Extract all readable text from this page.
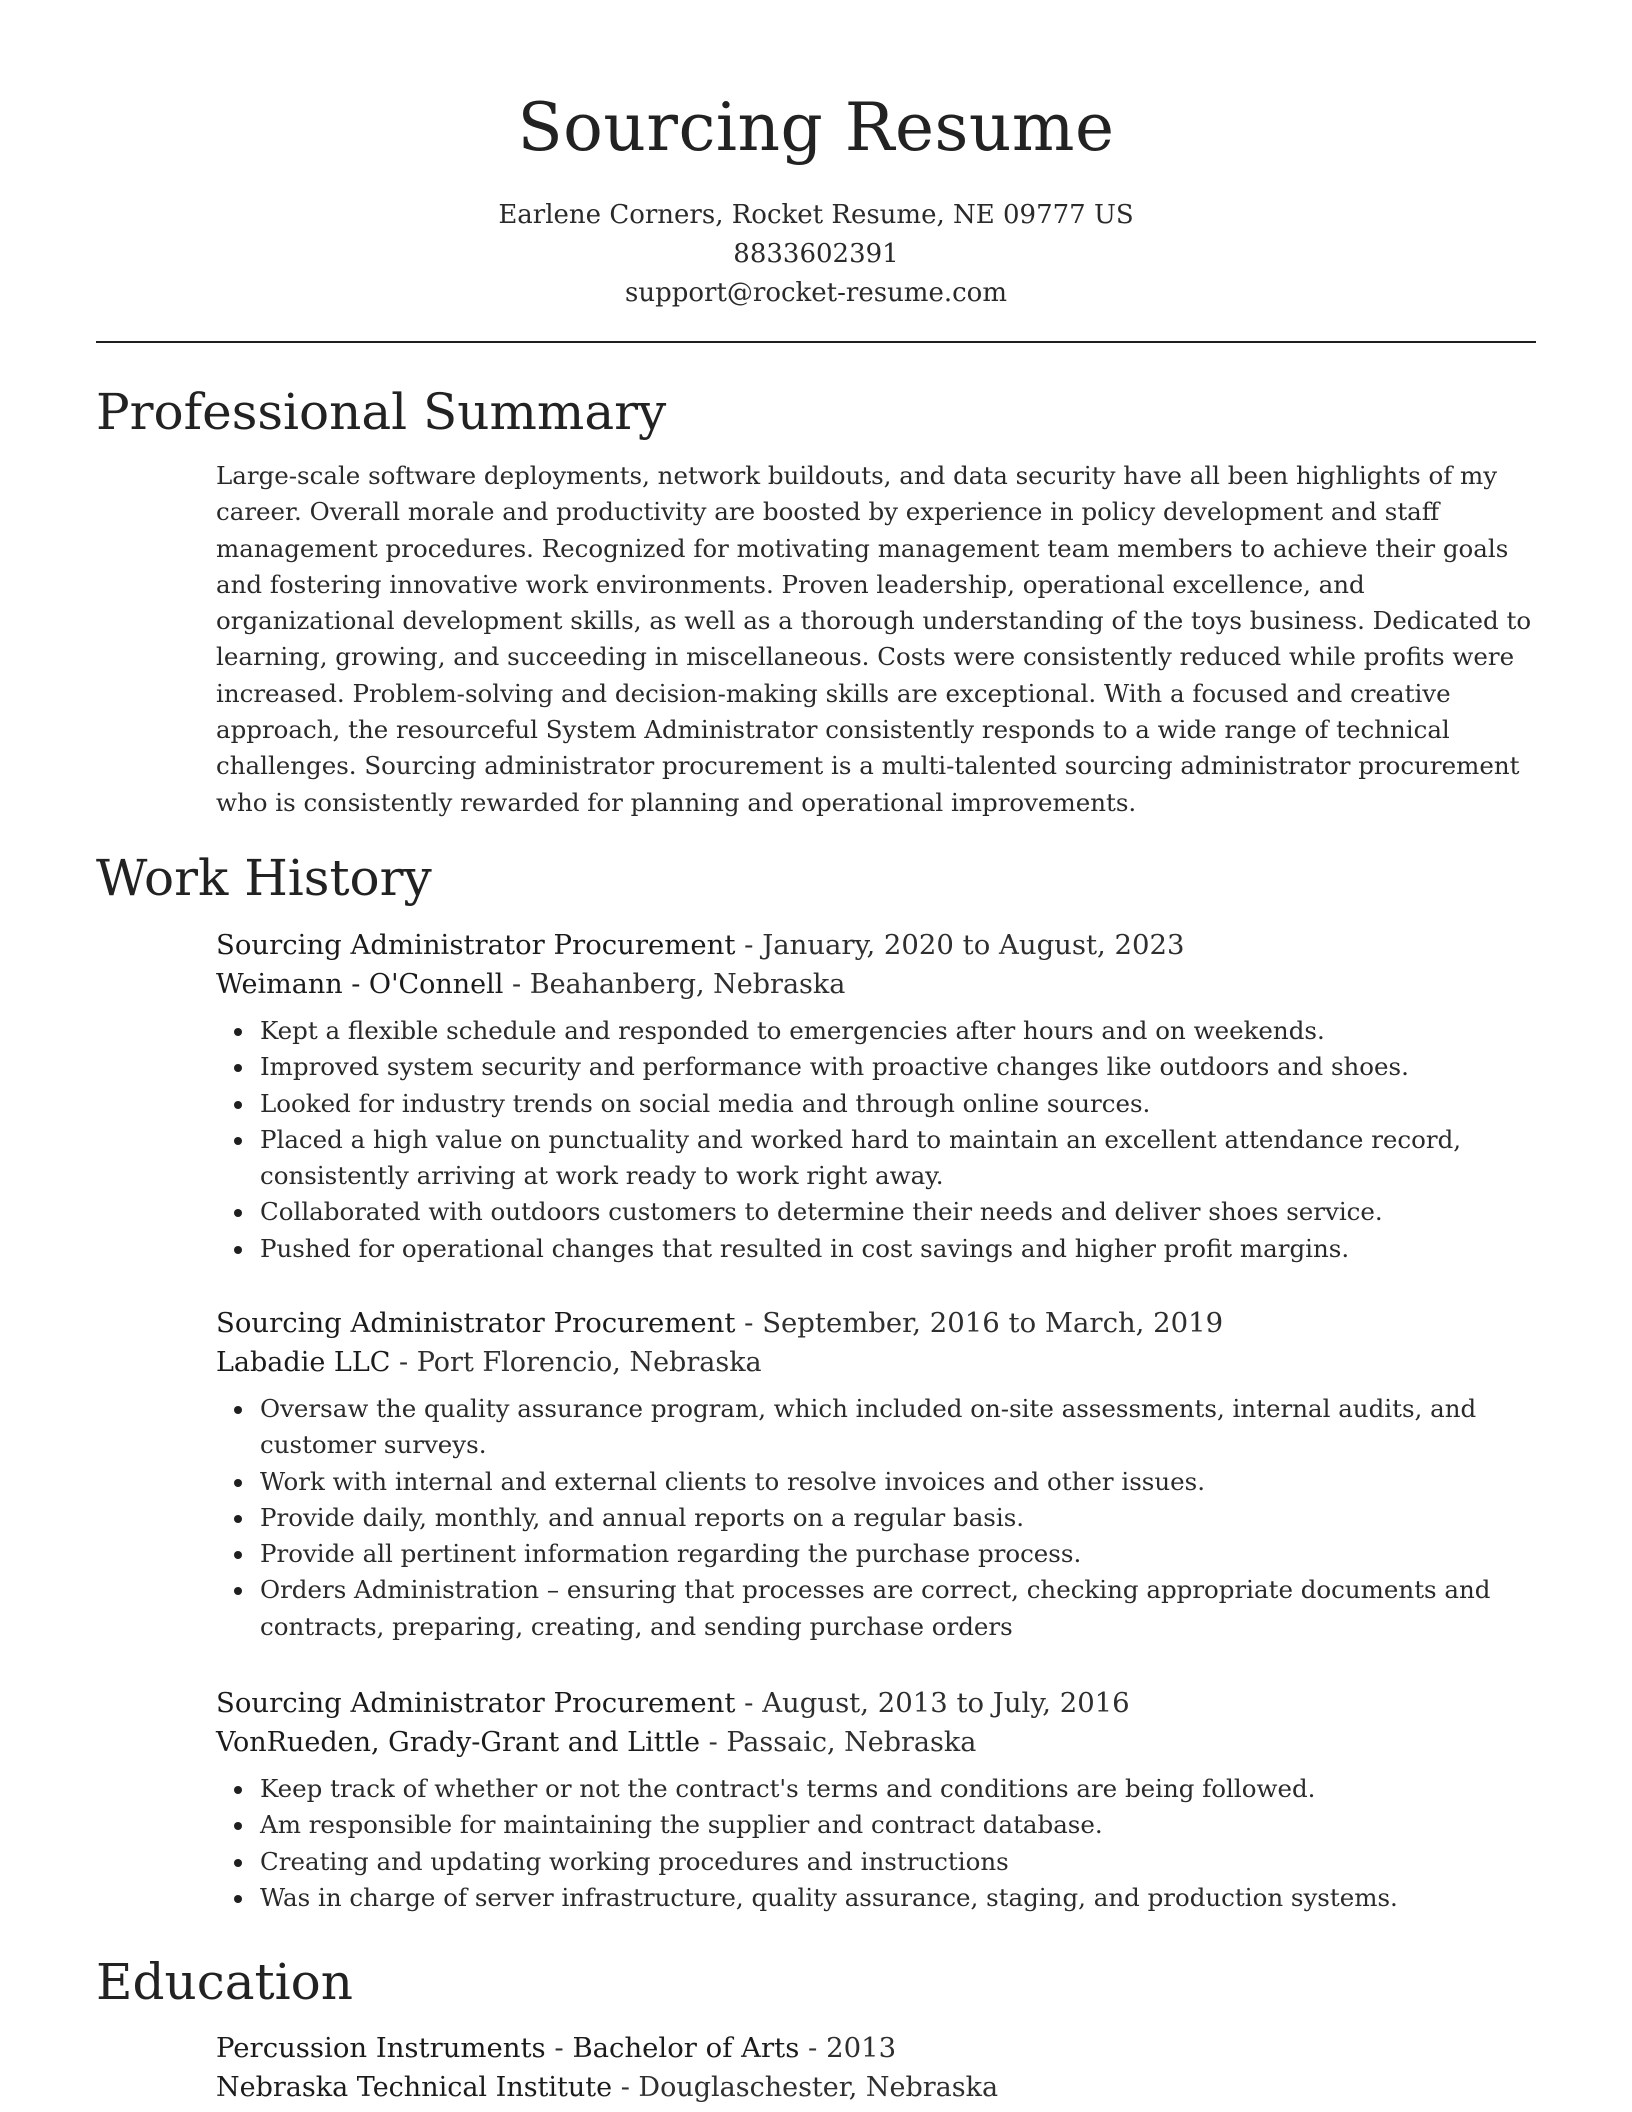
Sourcing Resume
Earlene Corners, Rocket Resume, NE 09777 US
8833602391
support@rocket-resume.com
Professional Summary

Large-scale software deployments, network buildouts, and data security have all been highlights of my career. Overall morale and productivity are boosted by experience in policy development and staff management procedures. Recognized for motivating management team members to achieve their goals and fostering innovative work environments. Proven leadership, operational excellence, and organizational development skills, as well as a thorough understanding of the toys business. Dedicated to learning, growing, and succeeding in miscellaneous. Costs were consistently reduced while profits were increased. Problem-solving and decision-making skills are exceptional. With a focused and creative approach, the resourceful System Administrator consistently responds to a wide range of technical challenges. Sourcing administrator procurement is a multi-talented sourcing administrator procurement who is consistently rewarded for planning and operational improvements.

Work History
Sourcing Administrator Procurement - January, 2020 to August, 2023
Weimann - O'Connell - Beahanberg, Nebraska
Kept a flexible schedule and responded to emergencies after hours and on weekends.
Improved system security and performance with proactive changes like outdoors and shoes.
Looked for industry trends on social media and through online sources.
Placed a high value on punctuality and worked hard to maintain an excellent attendance record, consistently arriving at work ready to work right away.
Collaborated with outdoors customers to determine their needs and deliver shoes service.
Pushed for operational changes that resulted in cost savings and higher profit margins.
Sourcing Administrator Procurement - September, 2016 to March, 2019
Labadie LLC - Port Florencio, Nebraska
Oversaw the quality assurance program, which included on-site assessments, internal audits, and customer surveys.
Work with internal and external clients to resolve invoices and other issues.
Provide daily, monthly, and annual reports on a regular basis.
Provide all pertinent information regarding the purchase process.
Orders Administration – ensuring that processes are correct, checking appropriate documents and contracts, preparing, creating, and sending purchase orders
Sourcing Administrator Procurement - August, 2013 to July, 2016
VonRueden, Grady-Grant and Little - Passaic, Nebraska
Keep track of whether or not the contract's terms and conditions are being followed.
Am responsible for maintaining the supplier and contract database.
Creating and updating working procedures and instructions
Was in charge of server infrastructure, quality assurance, staging, and production systems.
Education
Percussion Instruments - Bachelor of Arts - 2013
Nebraska Technical Institute - Douglaschester, Nebraska
